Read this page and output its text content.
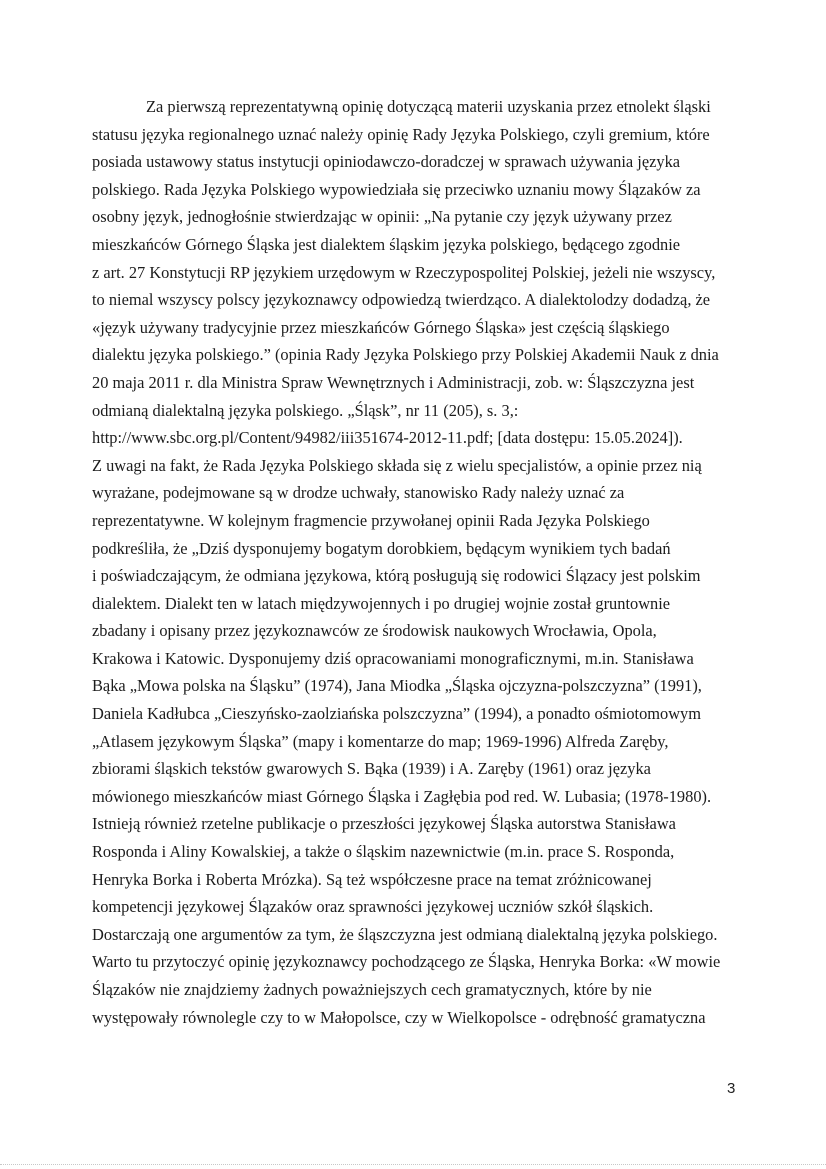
Za pierwszą reprezentatywną opinię dotyczącą materii uzyskania przez etnolekt śląski
statusu języka regionalnego uznać należy opinię Rady Języka Polskiego, czyli gremium, które
posiada ustawowy status instytucji opiniodawczo-doradczej w sprawach używania języka
polskiego. Rada Języka Polskiego wypowiedziała się przeciwko uznaniu mowy Ślązaków za
osobny język, jednogłośnie stwierdzając w opinii: „Na pytanie czy język używany przez
mieszkańców Górnego Śląska jest dialektem śląskim języka polskiego, będącego zgodnie
z art. 27 Konstytucji RP językiem urzędowym w Rzeczypospolitej Polskiej, jeżeli nie wszyscy,
to niemal wszyscy polscy językoznawcy odpowiedzą twierdząco. A dialektolodzy dodadzą, że
«język używany tradycyjnie przez mieszkańców Górnego Śląska» jest częścią śląskiego
dialektu języka polskiego.” (opinia Rady Języka Polskiego przy Polskiej Akademii Nauk z dnia
20 maja 2011 r. dla Ministra Spraw Wewnętrznych i Administracji, zob. w: Śląszczyzna jest
odmianą dialektalną języka polskiego. „Śląsk”, nr 11 (205), s. 3,:
http://www.sbc.org.pl/Content/94982/iii351674-2012-11.pdf; [data dostępu: 15.05.2024]).
Z uwagi na fakt, że Rada Języka Polskiego składa się z wielu specjalistów, a opinie przez nią
wyrażane, podejmowane są w drodze uchwały, stanowisko Rady należy uznać za
reprezentatywne. W kolejnym fragmencie przywołanej opinii Rada Języka Polskiego
podkreśliła, że „Dziś dysponujemy bogatym dorobkiem, będącym wynikiem tych badań
i poświadczającym, że odmiana językowa, którą posługują się rodowici Ślązacy jest polskim
dialektem. Dialekt ten w latach międzywojennych i po drugiej wojnie został gruntownie
zbadany i opisany przez językoznawców ze środowisk naukowych Wrocławia, Opola,
Krakowa i Katowic. Dysponujemy dziś opracowaniami monograficznymi, m.in. Stanisława
Bąka „Mowa polska na Śląsku” (1974), Jana Miodka „Śląska ojczyzna-polszczyzna” (1991),
Daniela Kadłubca „Cieszyńsko-zaolziańska polszczyzna” (1994), a ponadto ośmiotomowym
„Atlasem językowym Śląska” (mapy i komentarze do map; 1969-1996) Alfreda Zaręby,
zbiorami śląskich tekstów gwarowych S. Bąka (1939) i A. Zaręby (1961) oraz języka
mówionego mieszkańców miast Górnego Śląska i Zagłębia pod red. W. Lubasia; (1978-1980).
Istnieją również rzetelne publikacje o przeszłości językowej Śląska autorstwa Stanisława
Rosponda i Aliny Kowalskiej, a także o śląskim nazewnictwie (m.in. prace S. Rosponda,
Henryka Borka i Roberta Mrózka). Są też współczesne prace na temat zróżnicowanej
kompetencji językowej Ślązaków oraz sprawności językowej uczniów szkół śląskich.
Dostarczają one argumentów za tym, że śląszczyzna jest odmianą dialektalną języka polskiego.
Warto tu przytoczyć opinię językoznawcy pochodzącego ze Śląska, Henryka Borka: «W mowie
Ślązaków nie znajdziemy żadnych poważniejszych cech gramatycznych, które by nie
występowały równolegle czy to w Małopolsce, czy w Wielkopolsce - odrębność gramatyczna
3
